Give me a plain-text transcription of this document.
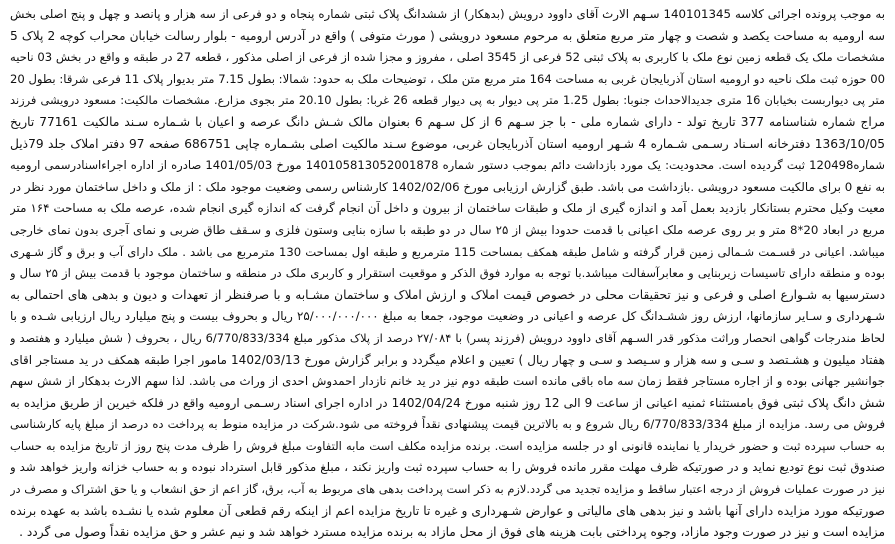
به موجب پرونده اجرائی کلاسه 140101345 سـهم الارث آقای داوود درویش (بدهکار) از ششدانگ پلاک ثبتی شماره پنجاه و دو فرعی از سه هزار و پانصد و چهل و پنج اصلی بخش
سه ارومیه به مساحت یکصد و شصت و چهار متر مربع متعلق به مرحوم مسعود درویشی ( مورث متوفی ) واقع در آدرس ارومیه - بلوار رسالت خیابان محراب کوچه 2 پلاک 5
مشخصات ملک یک قطعه زمین نوع ملک با کاربری به پلاک ثبتی 52 فرعی از 3545 اصلی ، مفروز و مجزا شده از فرعی از اصلی مذکور ، قطعه 27 در طبقه و واقع در بخش 03 ناحیه
00 حوزه ثبت ملک ناحیه دو ارومیه استان آذربایجان غربی به مساحت 164 متر مربع متن ملک ، توضیحات ملک به حدود: شمالا: بطول 7.15 متر بدیوار پلاک 11 فرعی شرقا: بطول 20
متر پی دیواربست بخیابان 16 متری جدیدالاحداث جنوبا: بطول 1.25 متر پی دیوار به پی دیوار قطعه 26 غربا: بطول 20.10 متر بجوی مزارع. مشخصات مالکیت: مسعود درویشی فرزند
مراج شماره شناسنامه 377 تاریخ تولد - دارای شماره ملی - با جز سـهم 6 از کل سـهم 6 بعنوان مالک شـش دانگ عرصه و اعیان با شـماره سـند مالکیت 77161 تاریخ
1363/10/05 دفترخانه اسـناد رسـمی شـماره 4 شـهر ارومیه استان آذربایجان غربی، موضوع سـند مالکیت اصلی بشـماره چاپی 686751 صفحه 97 دفتر املاک جلد 79ذیل
شماره120498 ثبت گردیده است. محدودیت: یک مورد بازداشت دائم بموجب دستور شماره 140105813052001878 مورخ 1401/05/03 صادره از اداره اجراءاسنادرسمی ارومیه
به نفع 0 برای مالکیت مسعود درویشی .بازداشت می باشد. طبق گزارش ارزیابی مورخ 1402/02/06 کارشناس رسمی وضعیت موجود ملک : از ملک و داخل ساختمان مورد نظر در
معیت وکیل محترم بستانکار بازدید بعمل آمد و اندازه گیری از ملک و طبقات ساختمان از بیرون و داخل آن انجام گرفت که اندازه گیری انجام شده، عرصه ملک به مساحت ۱۶۴ متر
مربع در ابعاد 20*8 متر و بر روی عرصه ملک اعیانی با قدمت حدودا بیش از ۲۵ سال در دو طبقه با سازه بنایی وستون فلزی و سـقف طاق ضربی و نمای آجری بدون نمای خارجی
میباشد. اعیانی در قسـمت شـمالی زمین قرار گرفته و شامل طبقه همکف بمساحت 115 مترمربع و طبقه اول بمساحت 130 مترمربع می باشد . ملک دارای آب و برق و گاز شـهری
بوده و منطقه دارای تاسیسات زیربنایی و معابرآسفالت میباشد.با توجه به موارد فوق الذکر و موقعیت استقرار و کاربری ملک در منطقه و ساختمان موجود با قدمت بیش از ۲۵ سال و
دسترسیها به شـوارع اصلی و فرعی و نیز تحقیقات محلی در خصوص قیمت املاک و ارزش املاک و ساختمان مشـابه و با صرفنظر از تعهدات و دیون و بدهی های احتمالی به
شـهرداری و سـایر سازمانها، ارزش روز ششـدانگ کل عرصه و اعیانی در وضعیت موجود، جمعا به مبلغ ۲۵/۰۰۰/۰۰۰/۰۰۰ ریال و بحروف بیست و پنج میلیارد ریال ارزیابی شـده و با
لحاظ مندرجات گواهی انحصار وراثت مذکور قدر السـهم آقای داوود درویش (فرزند پسر) با ۲۷/۰۸۴ درصد از پلاک مذکور مبلغ 6/770/833/334 ریال ، بحروف ( شش میلیارد و هفتصد و
هفتاد میلیون و هشـتصد و سـی و سه هزار و سـیصد و سـی و چهار ریال ) تعیین و اعلام میگردد و برابر گزارش مورخ 1402/03/13 مامور اجرا طبقه همکف در ید مستاجر اقای
جوانشیر جهانی بوده و از اجاره مستاجر فقط زمان سه ماه باقی مانده است طبقه دوم نیز در ید خانم نازدار احمدوش احدی از وراث می باشد. لذا سهم الارث بدهکار از شش سهم
شش دانگ پلاک ثبتی فوق بامستثناء ثمنیه اعیانی از ساعت 9 الی 12 روز شنبه مورخ 1402/04/24 در اداره اجرای اسناد رسـمی ارومیه واقع در فلکه خیرین از طریق مزایده به
فروش می رسد. مزایده از مبلغ 6/770/833/334 ریال شروع و به بالاترین قیمت پیشنهادی نقداً فروخته می شود.شرکت در مزایده منوط به پرداخت ده درصد از مبلغ پایه کارشناسی
به حساب سپرده ثبت و حضور خریدار یا نماینده قانونی او در جلسه مزایده است. برنده مزایده مکلف است مابه التفاوت مبلغ فروش را ظرف مدت پنج روز از تاریخ مزایده به حساب
صندوق ثبت نوع تودیع نماید و در صورتیکه ظرف مهلت مقرر مانده فروش را به حساب سپرده ثبت واریز نکند ، مبلغ مذکور قابل استرداد نبوده و به حساب خزانه واریز خواهد شد و
نیز در صورت عملیات فروش از درجه اعتبار ساقط و مزایده تجدید می گردد.لازم به ذکر است پرداخت بدهی های مربوط به آب، برق، گاز اعم از حق انشعاب و یا حق اشتراک و مصرف در
صورتیکه مورد مزایده دارای آنها باشد و نیز بدهی های مالیاتی و عوارض شـهرداری و غیره تا تاریخ مزایده اعم از اینکه رقم قطعی آن معلوم شده یا نشـده باشد به عهده برنده
مزایده است و نیز در صورت وجود مازاد، وجوه پرداختی بابت هزینه های فوق از محل مازاد به برنده مزایده مسترد خواهد شد و نیم عشر و حق مزایده نقداً وصول می گردد .
